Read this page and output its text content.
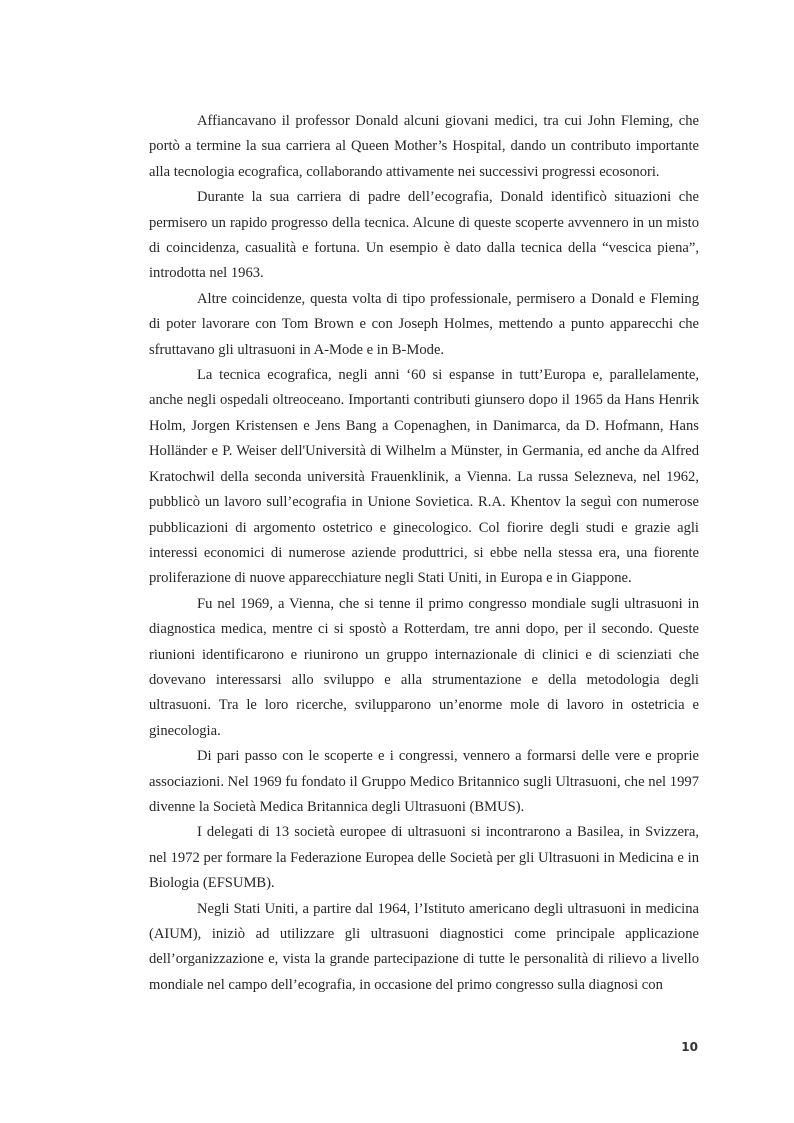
Affiancavano il professor Donald alcuni giovani medici, tra cui John Fleming, che portò a termine la sua carriera al Queen Mother’s Hospital, dando un contributo importante alla tecnologia ecografica, collaborando attivamente nei successivi progressi ecosonori.

Durante la sua carriera di padre dell’ecografia, Donald identificò situazioni che permisero un rapido progresso della tecnica. Alcune di queste scoperte avvennero in un misto di coincidenza, casualità e fortuna. Un esempio è dato dalla tecnica della “vescica piena”, introdotta nel 1963.

Altre coincidenze, questa volta di tipo professionale, permisero a Donald e Fleming di poter lavorare con Tom Brown e con Joseph Holmes, mettendo a punto apparecchi che sfruttavano gli ultrasuoni in A-Mode e in B-Mode.

La tecnica ecografica, negli anni ‘60 si espanse in tutt’Europa e, parallelamente, anche negli ospedali oltreoceano. Importanti contributi giunsero dopo il 1965 da Hans Henrik Holm, Jorgen Kristensen e Jens Bang a Copenaghen, in Danimarca, da D. Hofmann, Hans Holländer e P. Weiser dell'Università di Wilhelm a Münster, in Germania, ed anche da Alfred Kratochwil della seconda università Frauenklinik, a Vienna. La russa Selezneva, nel 1962, pubblicò un lavoro sull’ecografia in Unione Sovietica. R.A. Khentov la seguì con numerose pubblicazioni di argomento ostetrico e ginecologico. Col fiorire degli studi e grazie agli interessi economici di numerose aziende produttrici, si ebbe nella stessa era, una fiorente proliferazione di nuove apparecchiature negli Stati Uniti, in Europa e in Giappone.

Fu nel 1969, a Vienna, che si tenne il primo congresso mondiale sugli ultrasuoni in diagnostica medica, mentre ci si spostò a Rotterdam, tre anni dopo, per il secondo. Queste riunioni identificarono e riunirono un gruppo internazionale di clinici e di scienziati che dovevano interessarsi allo sviluppo e alla strumentazione e della metodologia degli ultrasuoni. Tra le loro ricerche, svilupparono un’enorme mole di lavoro in ostetricia e ginecologia.

Di pari passo con le scoperte e i congressi, vennero a formarsi delle vere e proprie associazioni. Nel 1969 fu fondato il Gruppo Medico Britannico sugli Ultrasuoni, che nel 1997 divenne la Società Medica Britannica degli Ultrasuoni (BMUS).

I delegati di 13 società europee di ultrasuoni si incontrarono a Basilea, in Svizzera, nel 1972 per formare la Federazione Europea delle Società per gli Ultrasuoni in Medicina e in Biologia (EFSUMB).

Negli Stati Uniti, a partire dal 1964, l’Istituto americano degli ultrasuoni in medicina (AIUM), iniziò ad utilizzare gli ultrasuoni diagnostici come principale applicazione dell’organizzazione e, vista la grande partecipazione di tutte le personalità di rilievo a livello mondiale nel campo dell’ecografia, in occasione del primo congresso sulla diagnosi con

10
